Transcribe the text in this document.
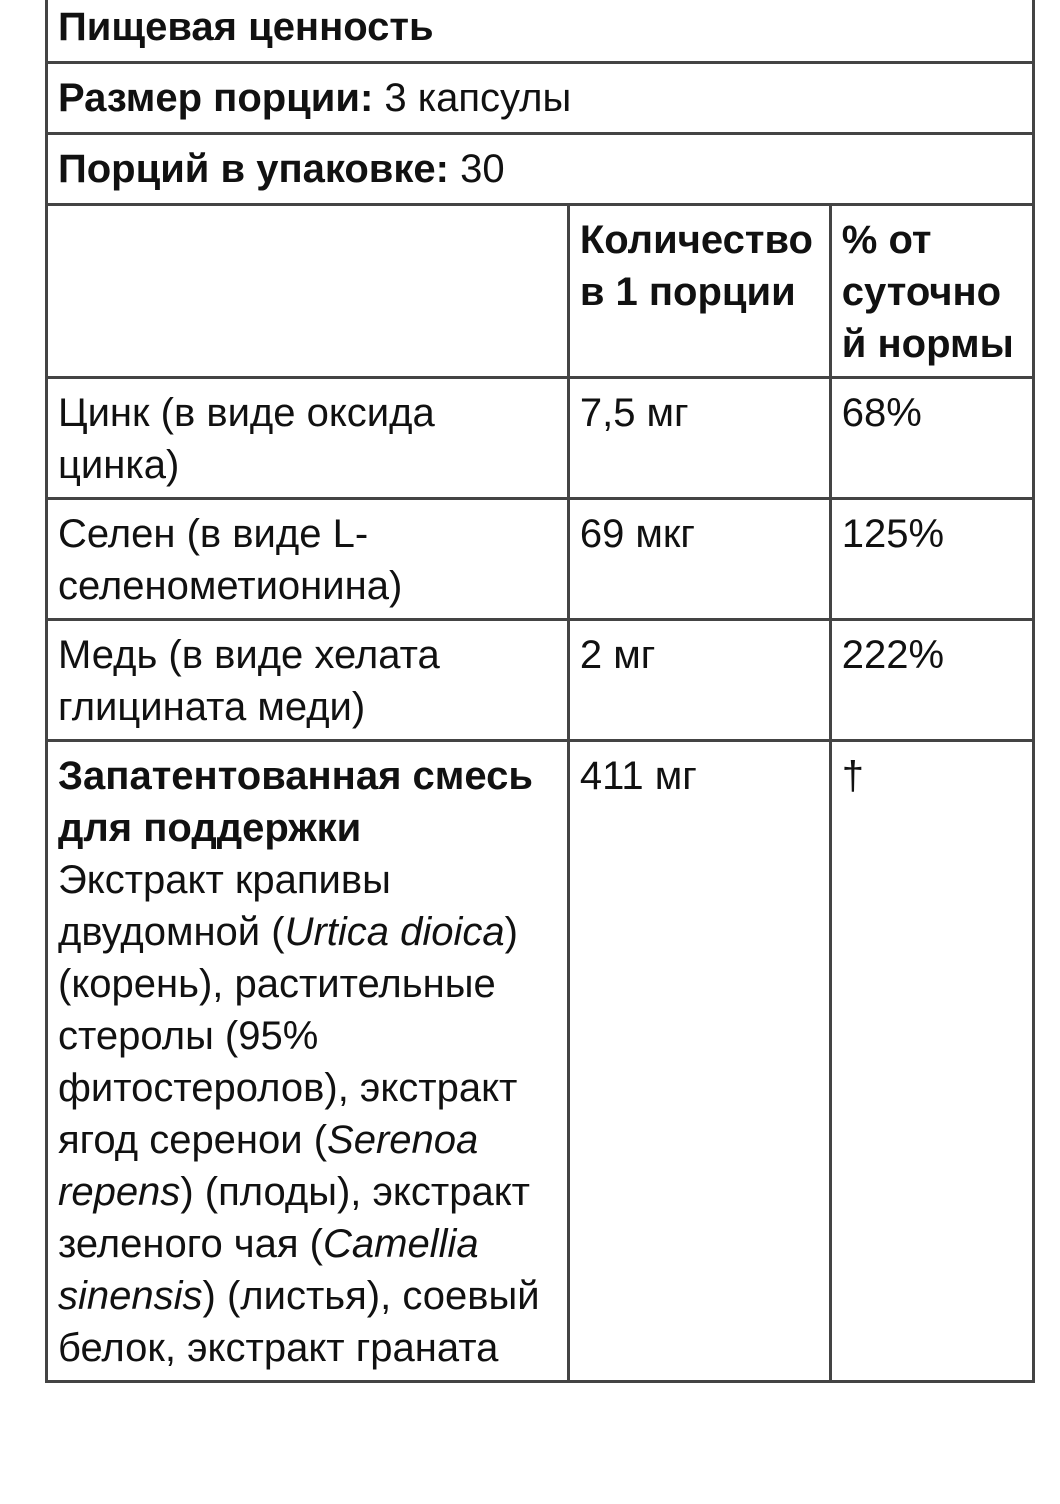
Пищевая ценность		
Размер порции: 3 капсулы		
Порций в упаковке: 30		
	Количество в 1 порции	% от суточной нормы
Цинк (в виде оксида цинка)	7,5 мг	68%
Селен (в виде L-селенометионина)	69 мкг	125%
Медь (в виде хелата глицината меди)	2 мг	222%

Запатентованная смесь для поддержки
Экстракт крапивы двудомной (Urtica dioica) (корень), растительные стеролы (95% фитостеролов), экстракт ягод серенои (Serenoa repens) (плоды), экстракт зеленого чая (Camellia sinensis) (листья), соевый белок, экстракт граната	411 мг	†
